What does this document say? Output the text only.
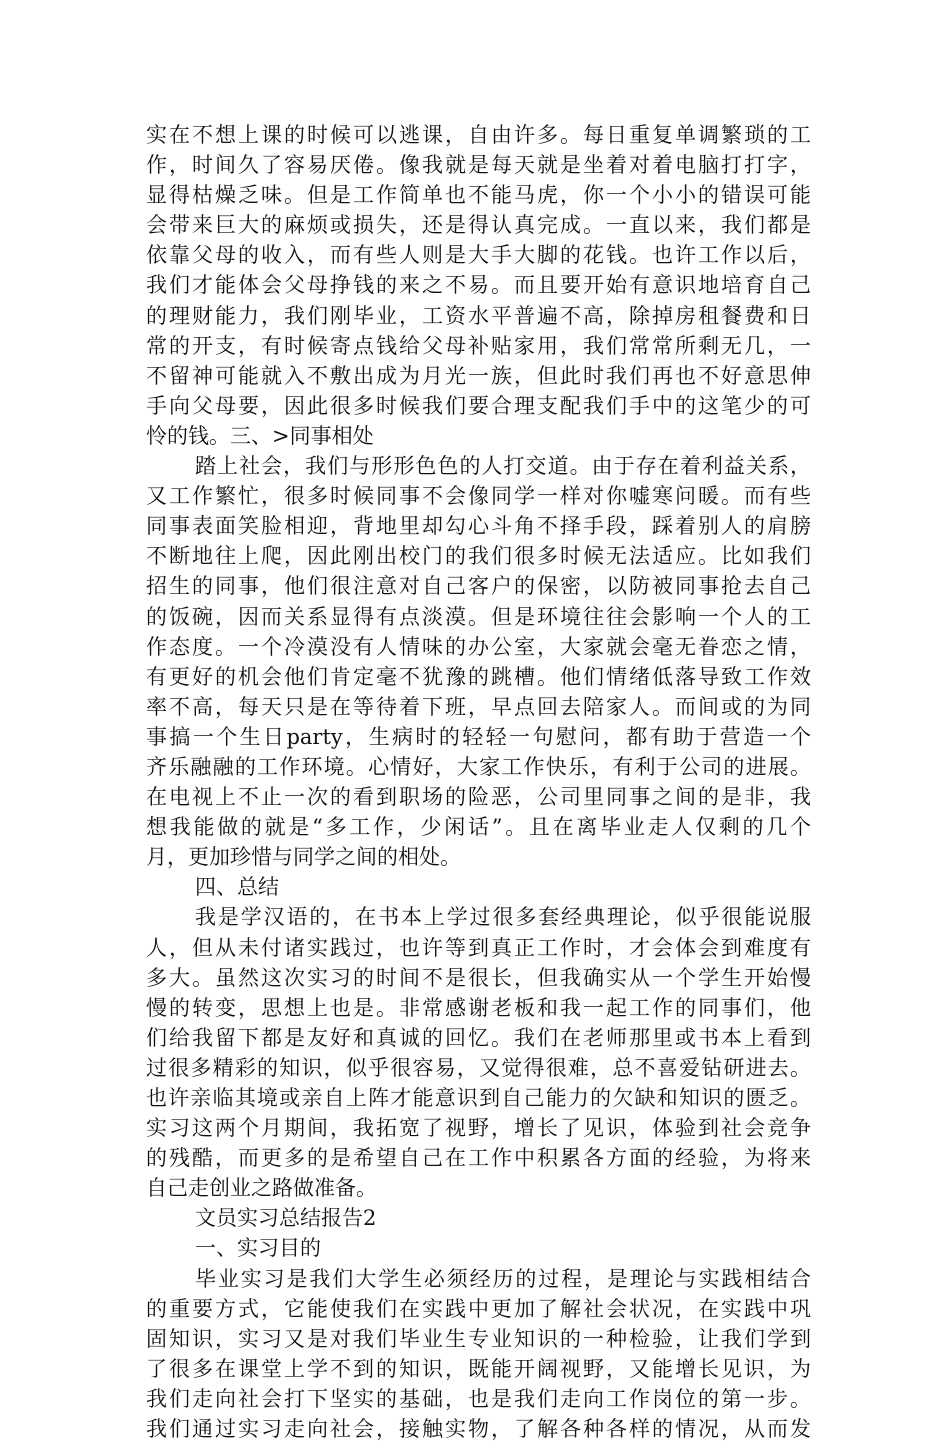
实在不想上课的时候可以逃课，自由许多。每日重复单调繁琐的工
作，时间久了容易厌倦。像我就是每天就是坐着对着电脑打打字，
显得枯燥乏味。但是工作简单也不能马虎，你一个小小的错误可能
会带来巨大的麻烦或损失，还是得认真完成。一直以来，我们都是
依靠父母的收入，而有些人则是大手大脚的花钱。也许工作以后，
我们才能体会父母挣钱的来之不易。而且要开始有意识地培育自己
的理财能力，我们刚毕业，工资水平普遍不高，除掉房租餐费和日
常的开支，有时候寄点钱给父母补贴家用，我们常常所剩无几，一
不留神可能就入不敷出成为月光一族，但此时我们再也不好意思伸
手向父母要，因此很多时候我们要合理支配我们手中的这笔少的可
怜的钱。三、>同事相处
踏上社会，我们与形形色色的人打交道。由于存在着利益关系，
又工作繁忙，很多时候同事不会像同学一样对你嘘寒问暖。而有些
同事表面笑脸相迎，背地里却勾心斗角不择手段，踩着别人的肩膀
不断地往上爬，因此刚出校门的我们很多时候无法适应。比如我们
招生的同事，他们很注意对自己客户的保密，以防被同事抢去自己
的饭碗，因而关系显得有点淡漠。但是环境往往会影响一个人的工
作态度。一个冷漠没有人情味的办公室，大家就会毫无眷恋之情，
有更好的机会他们肯定毫不犹豫的跳槽。他们情绪低落导致工作效
率不高，每天只是在等待着下班，早点回去陪家人。而间或的为同
事搞一个生日party，生病时的轻轻一句慰问，都有助于营造一个
齐乐融融的工作环境。心情好，大家工作快乐，有利于公司的进展。
在电视上不止一次的看到职场的险恶，公司里同事之间的是非，我
想我能做的就是“多工作，少闲话”。且在离毕业走人仅剩的几个
月，更加珍惜与同学之间的相处。
四、总结
我是学汉语的，在书本上学过很多套经典理论，似乎很能说服
人，但从未付诸实践过，也许等到真正工作时，才会体会到难度有
多大。虽然这次实习的时间不是很长，但我确实从一个学生开始慢
慢的转变，思想上也是。非常感谢老板和我一起工作的同事们，他
们给我留下都是友好和真诚的回忆。我们在老师那里或书本上看到
过很多精彩的知识，似乎很容易，又觉得很难，总不喜爱钻研进去。
也许亲临其境或亲自上阵才能意识到自己能力的欠缺和知识的匮乏。
实习这两个月期间，我拓宽了视野，增长了见识，体验到社会竞争
的残酷，而更多的是希望自己在工作中积累各方面的经验，为将来
自己走创业之路做准备。
文员实习总结报告2
一、实习目的
毕业实习是我们大学生必须经历的过程，是理论与实践相结合
的重要方式，它能使我们在实践中更加了解社会状况，在实践中巩
固知识，实习又是对我们毕业生专业知识的一种检验，让我们学到
了很多在课堂上学不到的知识，既能开阔视野，又能增长见识，为
我们走向社会打下坚实的基础，也是我们走向工作岗位的第一步。
我们通过实习走向社会，接触实物，了解各种各样的情况，从而发
